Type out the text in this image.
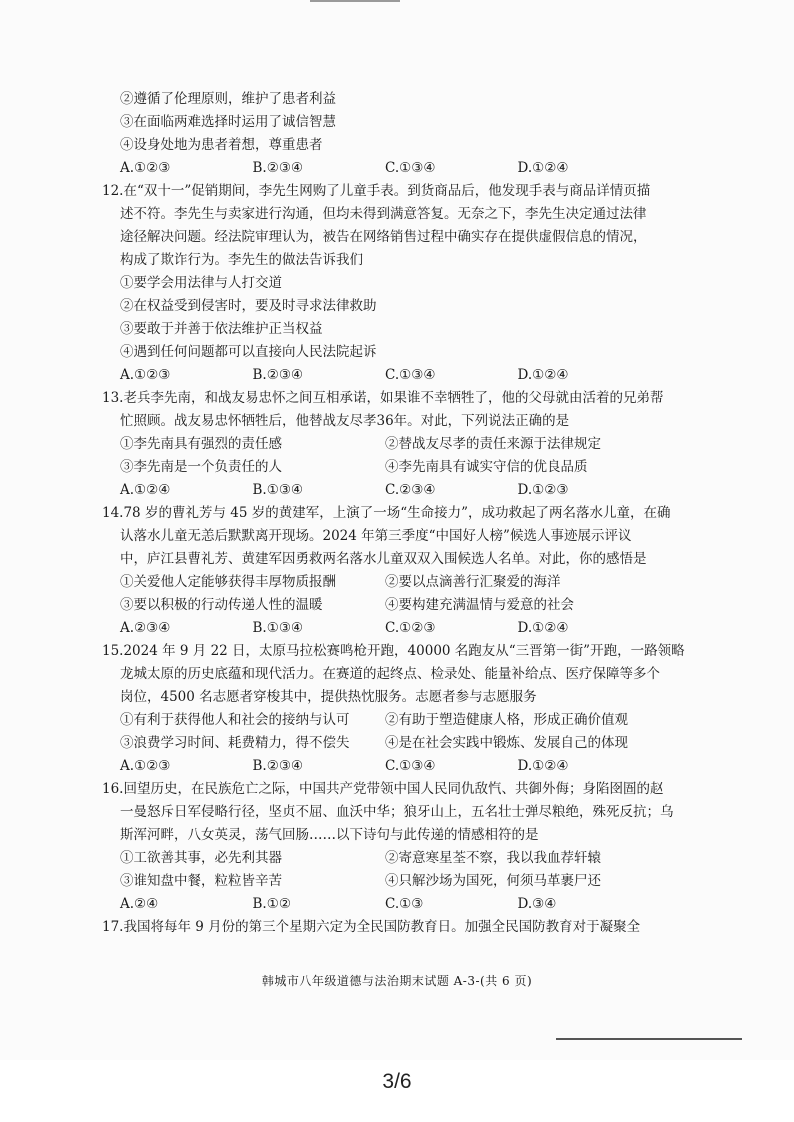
②遵循了伦理原则，维护了患者利益
③在面临两难选择时运用了诚信智慧
④设身处地为患者着想，尊重患者
A.①②③	B.②③④	C.①③④	D.①②④
12.在“双十一”促销期间，李先生网购了儿童手表。到货商品后，他发现手表与商品详情页描
述不符。李先生与卖家进行沟通，但均未得到满意答复。无奈之下，李先生决定通过法律
途径解决问题。经法院审理认为，被告在网络销售过程中确实存在提供虚假信息的情况，
构成了欺诈行为。李先生的做法告诉我们
①要学会用法律与人打交道
②在权益受到侵害时，要及时寻求法律救助
③要敢于并善于依法维护正当权益
④遇到任何问题都可以直接向人民法院起诉
A.①②③	B.②③④	C.①③④	D.①②④
13.老兵李先南，和战友易忠怀之间互相承诺，如果谁不幸牺牲了，他的父母就由活着的兄弟帮
忙照顾。战友易忠怀牺牲后，他替战友尽孝36年。对此，下列说法正确的是
①李先南具有强烈的责任感	②替战友尽孝的责任来源于法律规定
③李先南是一个负责任的人	④李先南具有诚实守信的优良品质
A.①②④	B.①③④	C.②③④	D.①②③
14.78 岁的曹礼芳与 45 岁的黄建军，上演了一场“生命接力”，成功救起了两名落水儿童，在确
认落水儿童无恙后默默离开现场。2024 年第三季度“中国好人榜”候选人事迹展示评议
中，庐江县曹礼芳、黄建军因勇救两名落水儿童双双入围候选人名单。对此，你的感悟是
①关爱他人定能够获得丰厚物质报酬	②要以点滴善行汇聚爱的海洋
③要以积极的行动传递人性的温暖	④要构建充满温情与爱意的社会
A.②③④	B.①③④	C.①②③	D.①②④
15.2024 年 9 月 22 日，太原马拉松赛鸣枪开跑，40000 名跑友从“三晋第一街”开跑，一路领略
龙城太原的历史底蕴和现代活力。在赛道的起终点、检录处、能量补给点、医疗保障等多个
岗位，4500 名志愿者穿梭其中，提供热忱服务。志愿者参与志愿服务
①有利于获得他人和社会的接纳与认可	②有助于塑造健康人格，形成正确价值观
③浪费学习时间、耗费精力，得不偿失	④是在社会实践中锻炼、发展自己的体现
A.①②③	B.②③④	C.①③④	D.①②④
16.回望历史，在民族危亡之际，中国共产党带领中国人民同仇敌忾、共御外侮；身陷囹圄的赵
一曼怒斥日军侵略行径，坚贞不屈、血沃中华；狼牙山上，五名壮士弹尽粮绝，殊死反抗；乌
斯浑河畔，八女英灵，荡气回肠……以下诗句与此传递的情感相符的是
①工欲善其事，必先利其器	②寄意寒星荃不察，我以我血荐轩辕
③谁知盘中餐，粒粒皆辛苦	④只解沙场为国死，何须马革裹尸还
A.②④	B.①②	C.①③	D.③④
17.我国将每年 9 月份的第三个星期六定为全民国防教育日。加强全民国防教育对于凝聚全
韩城市八年级道德与法治期末试题 A-3-(共 6 页)
3/6
